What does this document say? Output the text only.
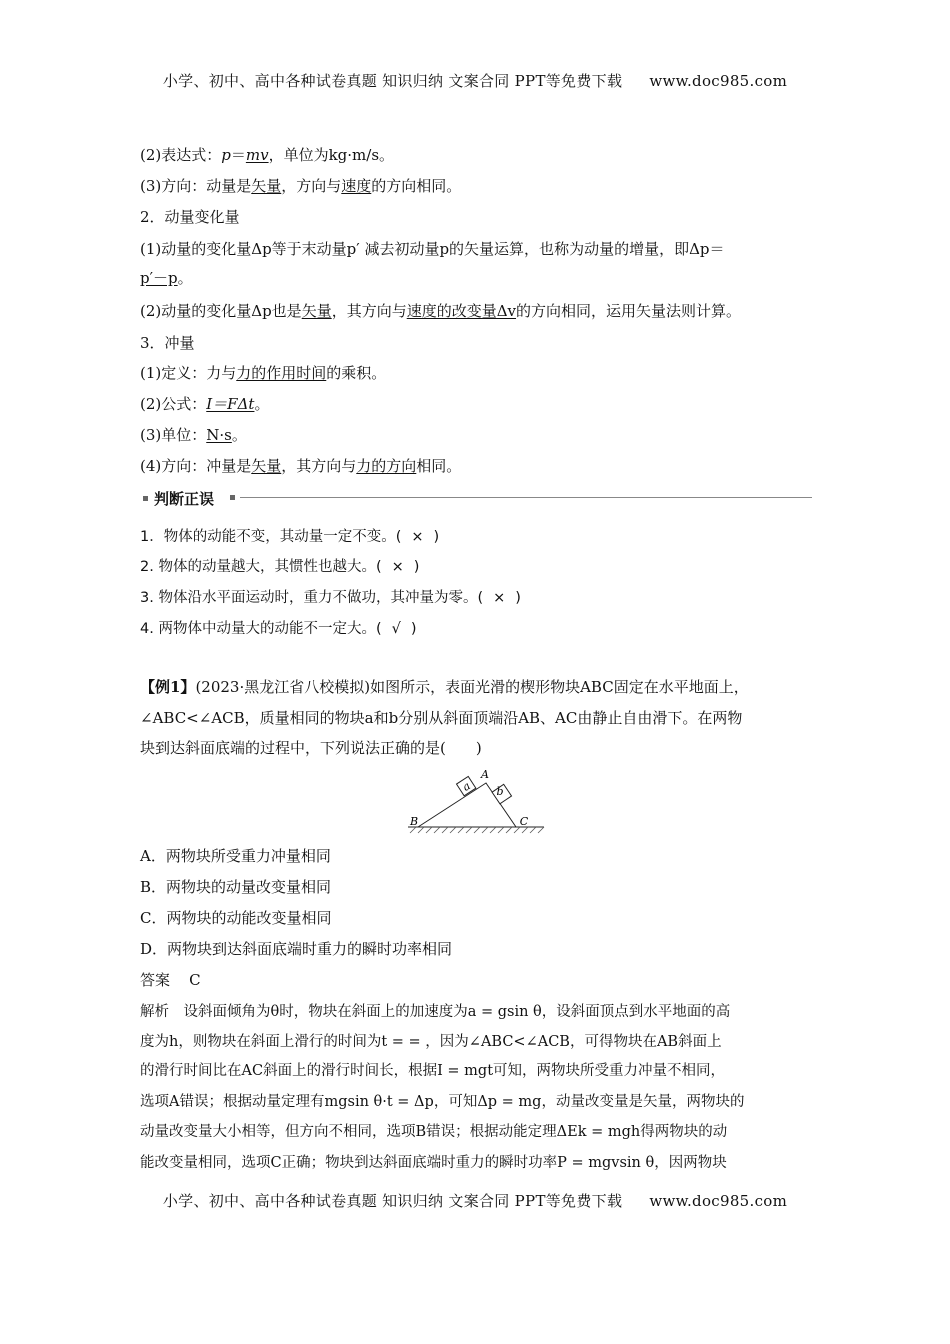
小学、初中、高中各种试卷真题 知识归纳 文案合同 PPT等免费下载 www.doc985.com
(2)表达式：p＝mv，单位为kg·m/s。
(3)方向：动量是矢量，方向与速度的方向相同。
2．动量变化量
(1)动量的变化量Δp等于末动量p′ 减去初动量p的矢量运算，也称为动量的增量，即Δp＝
p′－p。
(2)动量的变化量Δp也是矢量，其方向与速度的改变量Δv的方向相同，运用矢量法则计算。
3．冲量
(1)定义：力与力的作用时间的乘积。
(2)公式：I＝FΔt。
(3)单位：N·s。
(4)方向：冲量是矢量，其方向与力的方向相同。
判断正误
1．物体的动能不变，其动量一定不变。( × )
2. 物体的动量越大，其惯性也越大。( × )
3. 物体沿水平面运动时，重力不做功，其冲量为零。( × )
4. 两物体中动量大的动能不一定大。( √ )
【例1】(2023·黑龙江省八校模拟)如图所示，表面光滑的楔形物块ABC固定在水平地面上，
∠ABC<∠ACB，质量相同的物块a和b分别从斜面顶端沿AB、AC由静止自由滑下。在两物
块到达斜面底端的过程中，下列说法正确的是(　　)
a b
A
B	C
A．两物块所受重力冲量相同
B．两物块的动量改变量相同
C．两物块的动能改变量相同
D．两物块到达斜面底端时重力的瞬时功率相同
答案 C
解析　设斜面倾角为θ时，物块在斜面上的加速度为a = gsin θ，设斜面顶点到水平地面的高
度为h，则物块在斜面上滑行的时间为t = = ，因为∠ABC<∠ACB，可得物块在AB斜面上
的滑行时间比在AC斜面上的滑行时间长，根据I = mgt可知，两物块所受重力冲量不相同，
选项A错误；根据动量定理有mgsin θ·t = Δp，可知Δp = mg，动量改变量是矢量，两物块的
动量改变量大小相等，但方向不相同，选项B错误；根据动能定理ΔEk = mgh得两物块的动
能改变量相同，选项C正确；物块到达斜面底端时重力的瞬时功率P = mgvsin θ，因两物块
小学、初中、高中各种试卷真题 知识归纳 文案合同 PPT等免费下载 www.doc985.com
